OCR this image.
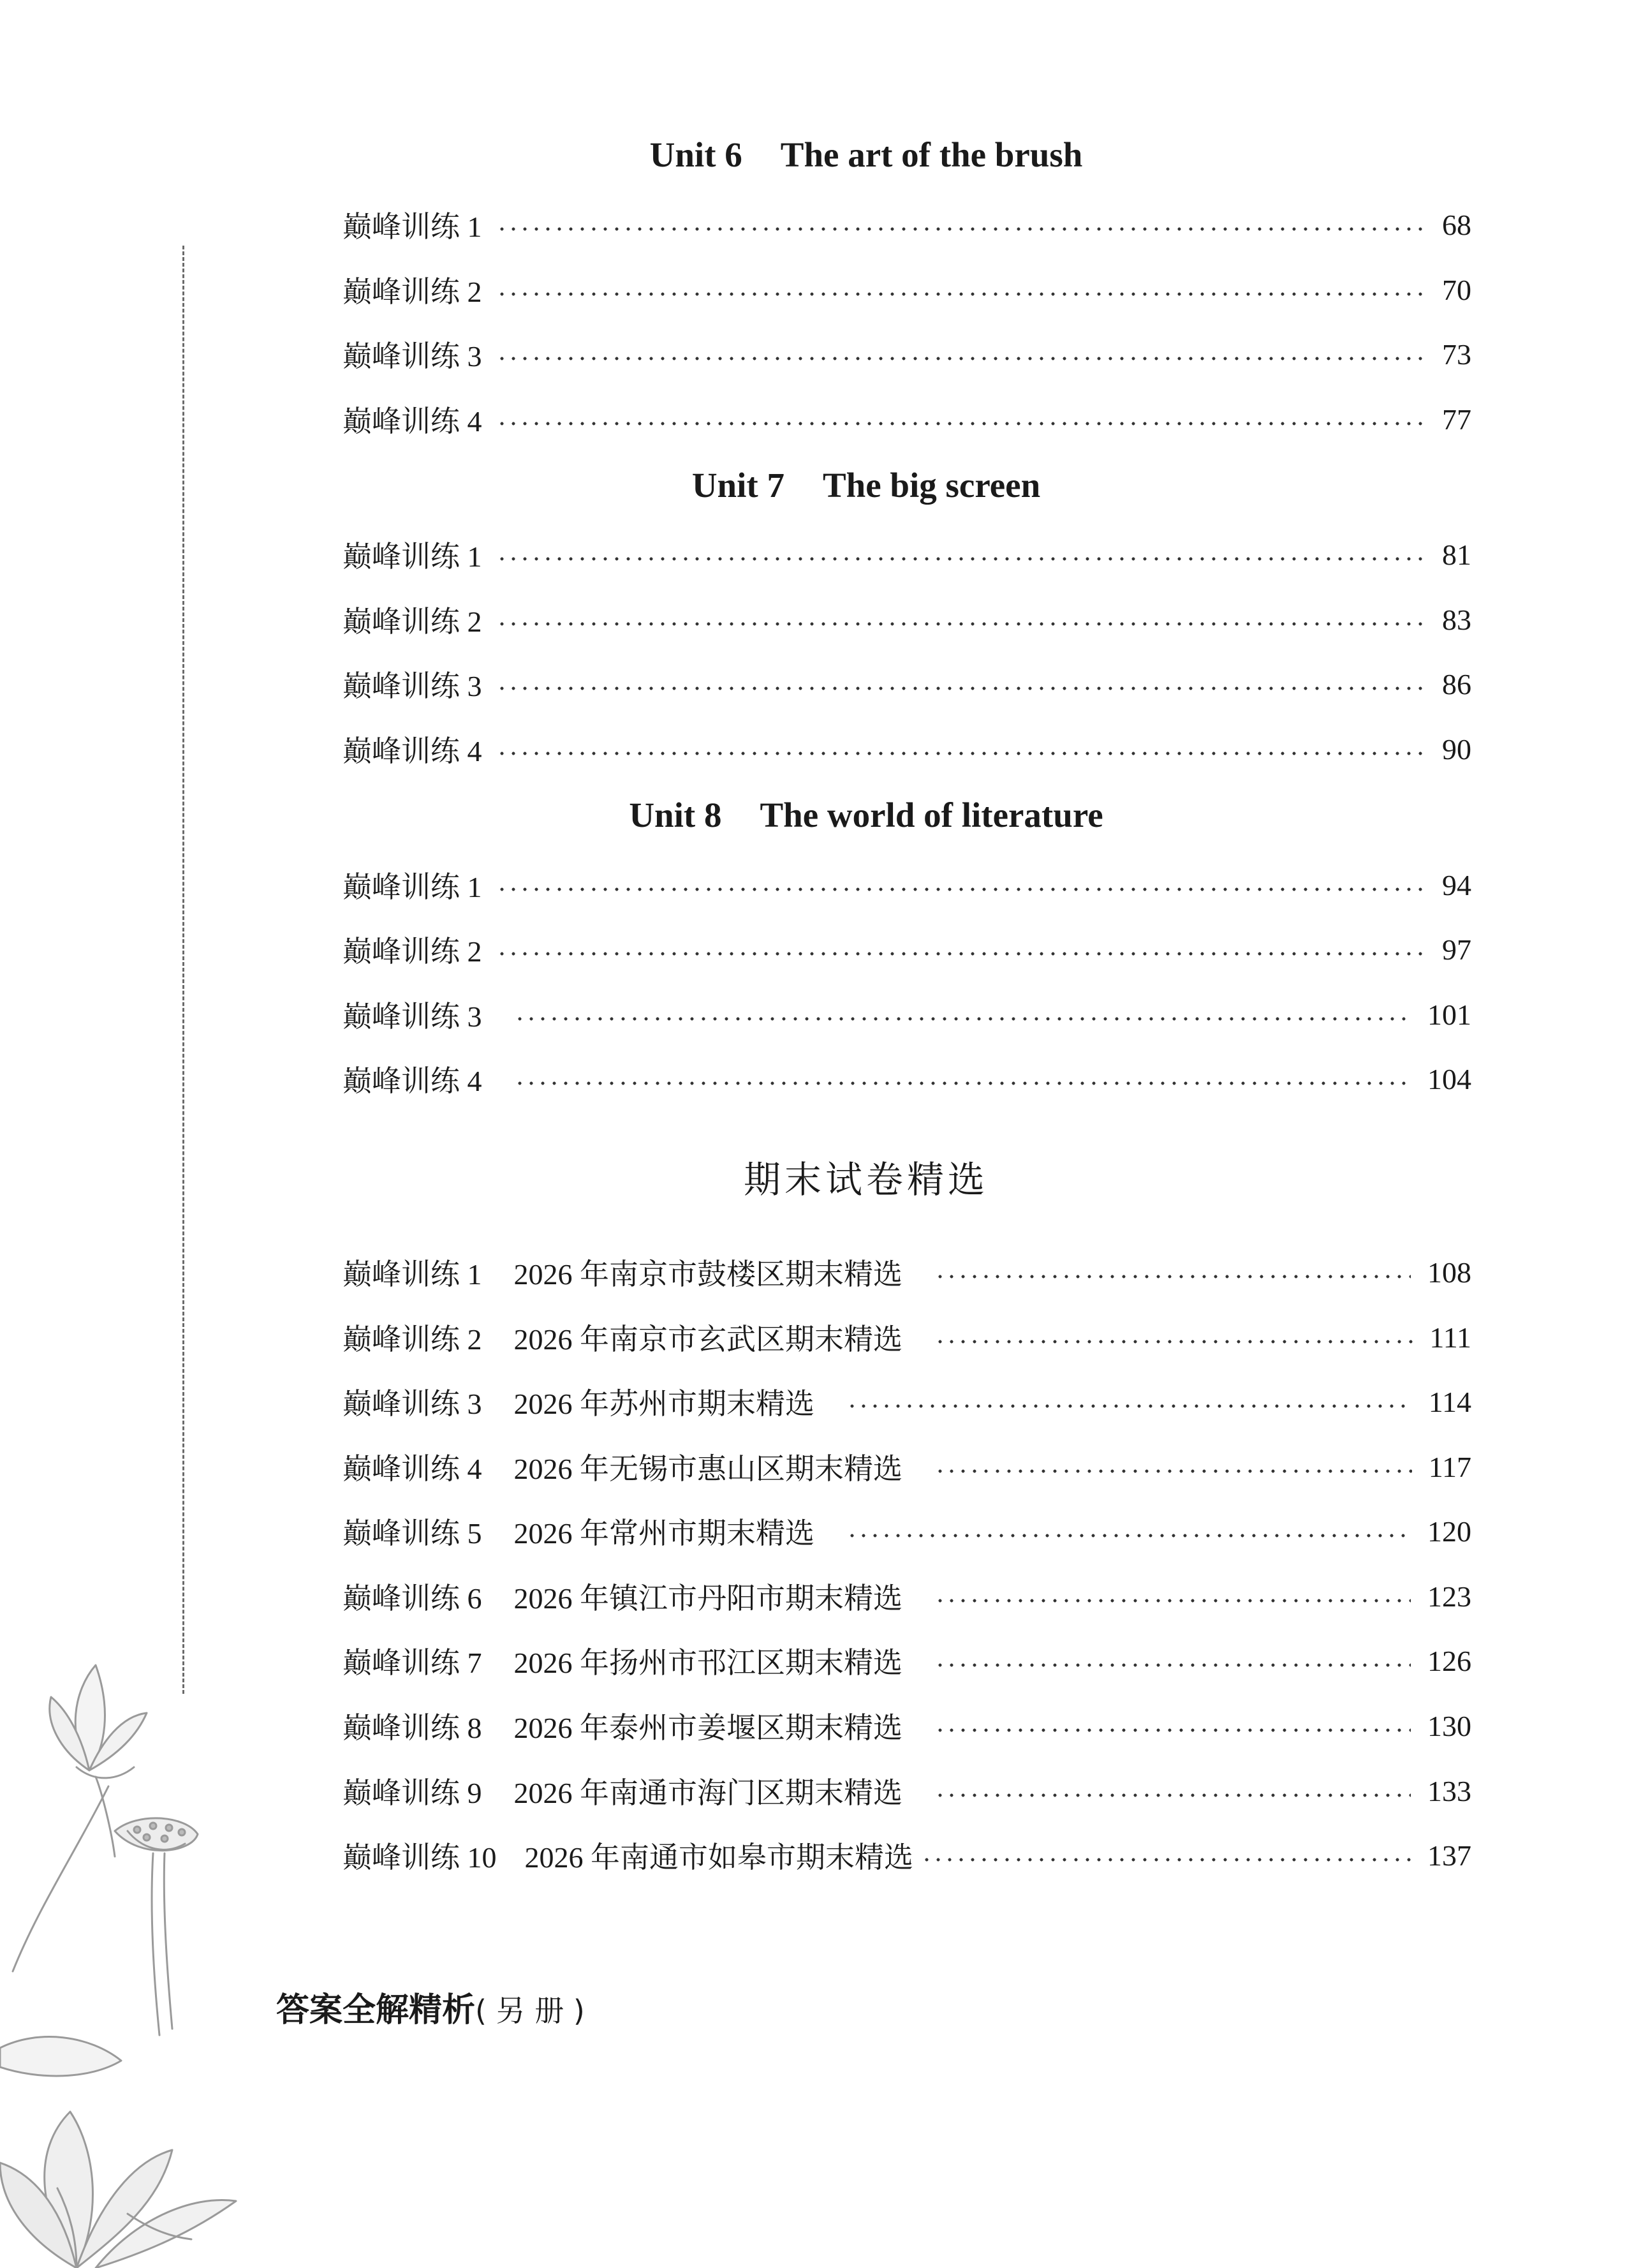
Unit 6 The art of the brush
巅峰训练 1	68
巅峰训练 2	70
巅峰训练 3	73
巅峰训练 4	77
Unit 7 The big screen
巅峰训练 1	81
巅峰训练 2	83
巅峰训练 3	86
巅峰训练 4	90
Unit 8 The world of literature
巅峰训练 1	94
巅峰训练 2	97
巅峰训练 3	101
巅峰训练 4	104
期末试卷精选
巅峰训练 1 2026 年南京市鼓楼区期末精选	108
巅峰训练 2 2026 年南京市玄武区期末精选	111
巅峰训练 3 2026 年苏州市期末精选	114
巅峰训练 4 2026 年无锡市惠山区期末精选	117
巅峰训练 5 2026 年常州市期末精选	120
巅峰训练 6 2026 年镇江市丹阳市期末精选	123
巅峰训练 7 2026 年扬州市邗江区期末精选	126
巅峰训练 8 2026 年泰州市姜堰区期末精选	130
巅峰训练 9 2026 年南通市海门区期末精选	133
巅峰训练 10 2026 年南通市如皋市期末精选	137
答案全解精析( 另 册 )
